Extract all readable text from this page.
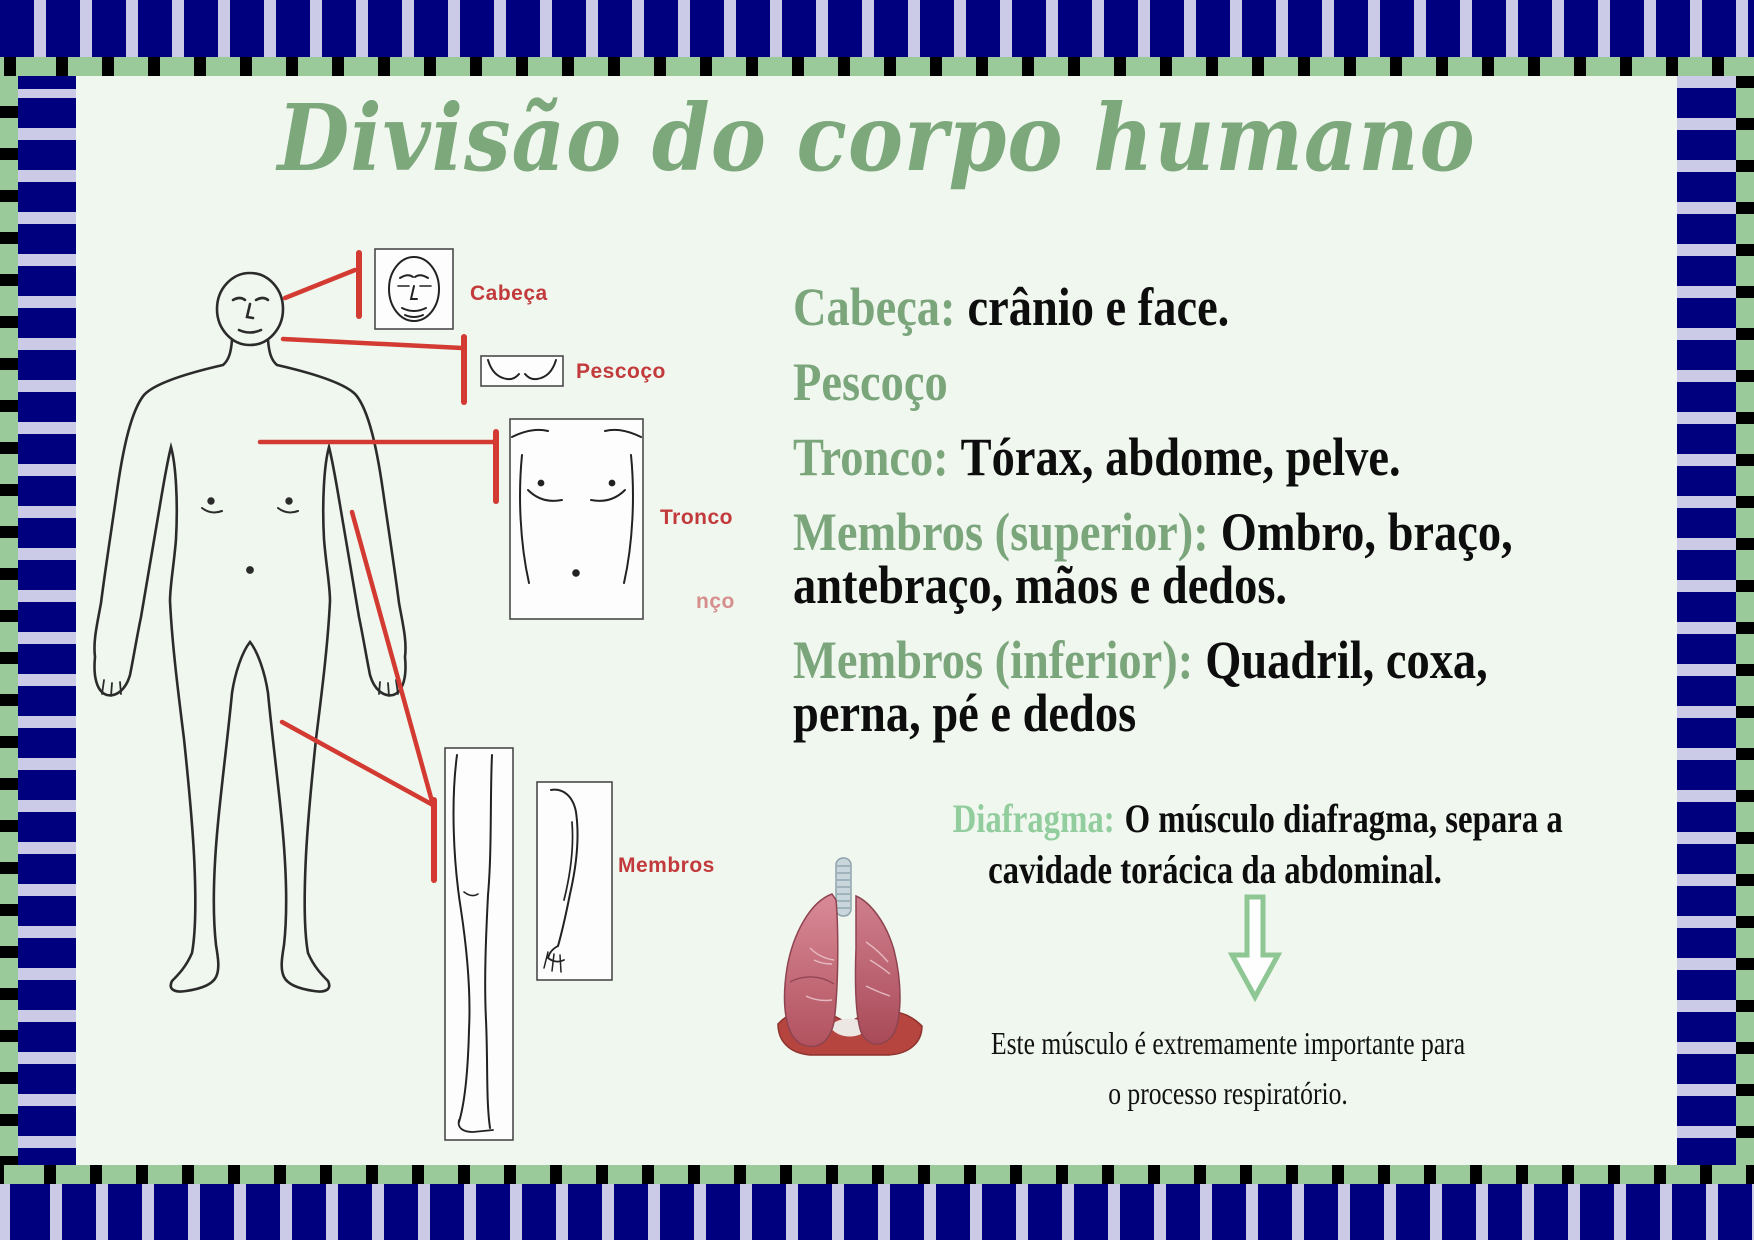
Divisão do corpo humano
Cabeça
Pescoço
Tronco
Membros
nço
Cabeça: crânio e face.
Pescoço
Tronco: Tórax, abdome, pelve.
Membros (superior): Ombro, braço,
antebraço, mãos e dedos.
Membros (inferior): Quadril, coxa,
perna, pé e dedos
Diafragma: O músculo diafragma, separa a
cavidade torácica da abdominal.
Este músculo é extremamente importante para
o processo respiratório.
